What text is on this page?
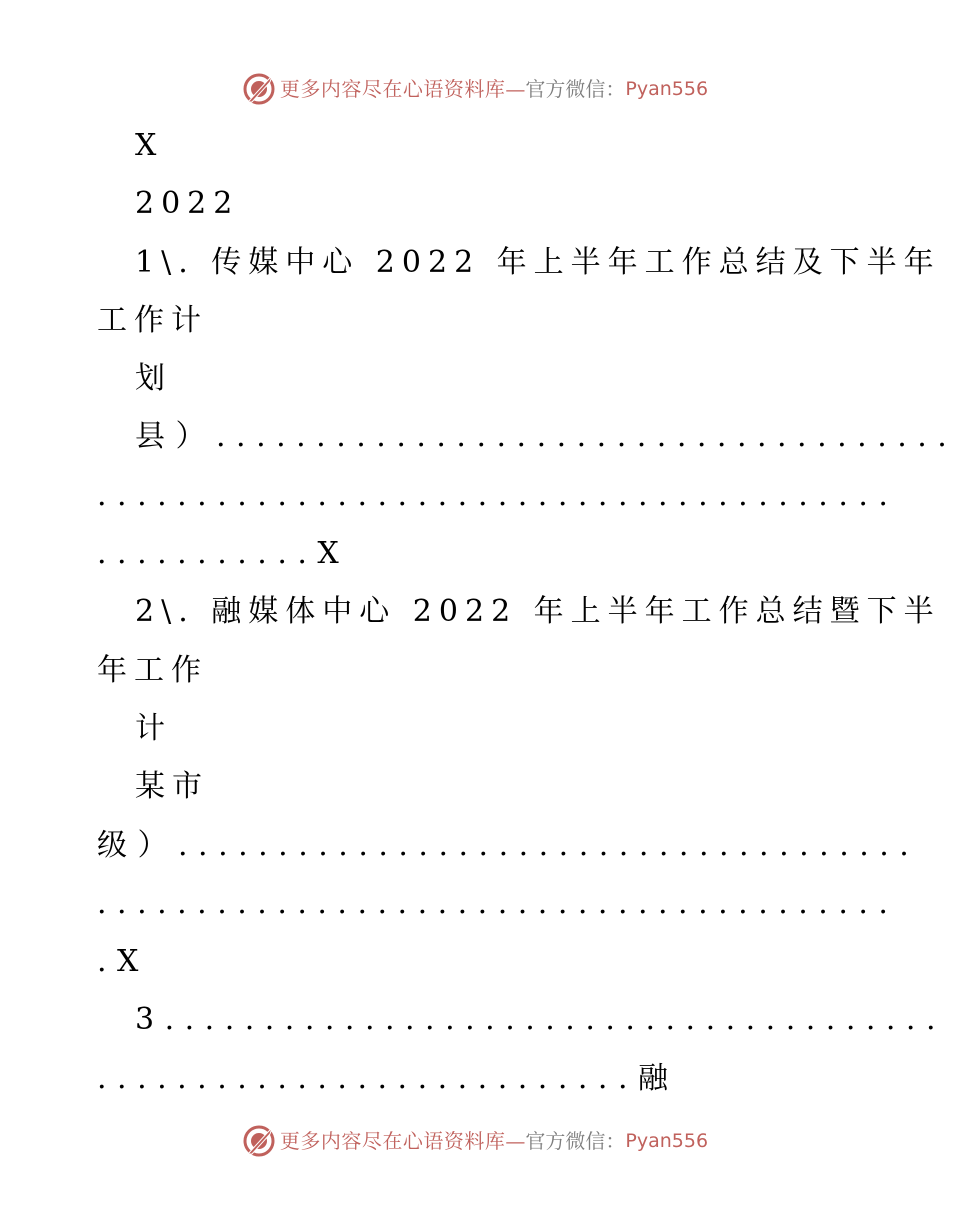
更多内容尽在心语资料库—官方微信：Pyan556
X
2022
1\. 传媒中心 2022 年上半年工作总结及下半年
工作计
划
县）.....................................
........................................
...........X
2\. 融媒体中心 2022 年上半年工作总结暨下半
年工作
计
某市
级）.....................................
........................................
.X
3.......................................
...........................融
更多内容尽在心语资料库—官方微信：Pyan556
